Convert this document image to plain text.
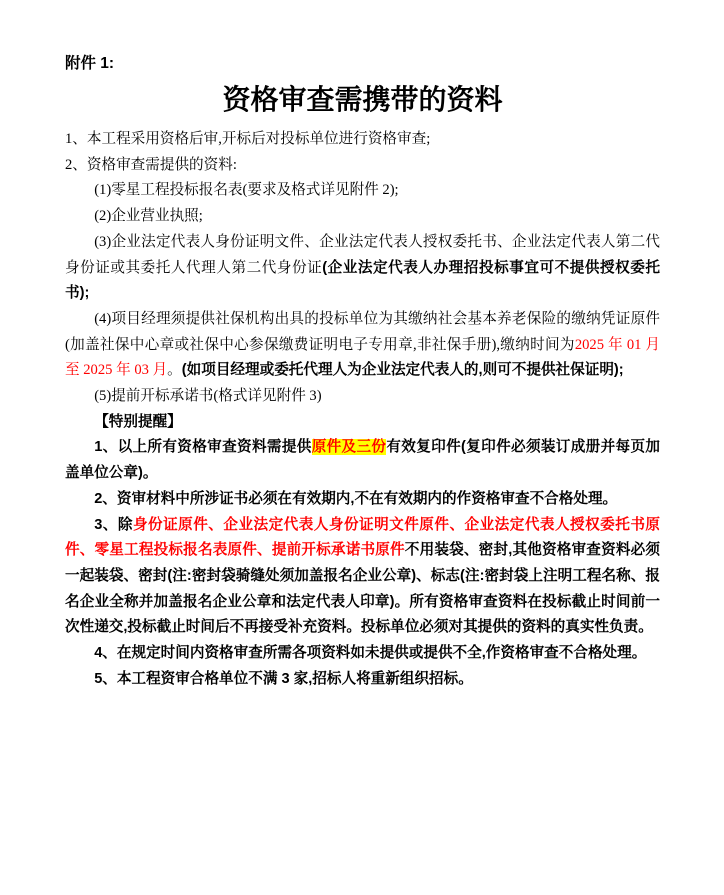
附件 1:

资格审查需携带的资料

1、本工程采用资格后审,开标后对投标单位进行资格审查;

2、资格审查需提供的资料:

(1)零星工程投标报名表(要求及格式详见附件 2);

(2)企业营业执照;

(3)企业法定代表人身份证明文件、企业法定代表人授权委托书、企业法定代表人第二代身份证或其委托人代理人第二代身份证(企业法定代表人办理招投标事宜可不提供授权委托书);

(4)项目经理须提供社保机构出具的投标单位为其缴纳社会基本养老保险的缴纳凭证原件(加盖社保中心章或社保中心参保缴费证明电子专用章,非社保手册),缴纳时间为2025 年 01 月至 2025 年 03 月。(如项目经理或委托代理人为企业法定代表人的,则可不提供社保证明);

(5)提前开标承诺书(格式详见附件 3)

【特别提醒】

1、以上所有资格审查资料需提供原件及三份有效复印件(复印件必须装订成册并每页加盖单位公章)。

2、资审材料中所涉证书必须在有效期内,不在有效期内的作资格审查不合格处理。

3、除身份证原件、企业法定代表人身份证明文件原件、企业法定代表人授权委托书原件、零星工程投标报名表原件、提前开标承诺书原件不用装袋、密封,其他资格审查资料必须一起装袋、密封(注:密封袋骑缝处须加盖报名企业公章)、标志(注:密封袋上注明工程名称、报名企业全称并加盖报名企业公章和法定代表人印章)。所有资格审查资料在投标截止时间前一次性递交,投标截止时间后不再接受补充资料。投标单位必须对其提供的资料的真实性负责。

4、在规定时间内资格审查所需各项资料如未提供或提供不全,作资格审查不合格处理。

5、本工程资审合格单位不满 3 家,招标人将重新组织招标。
